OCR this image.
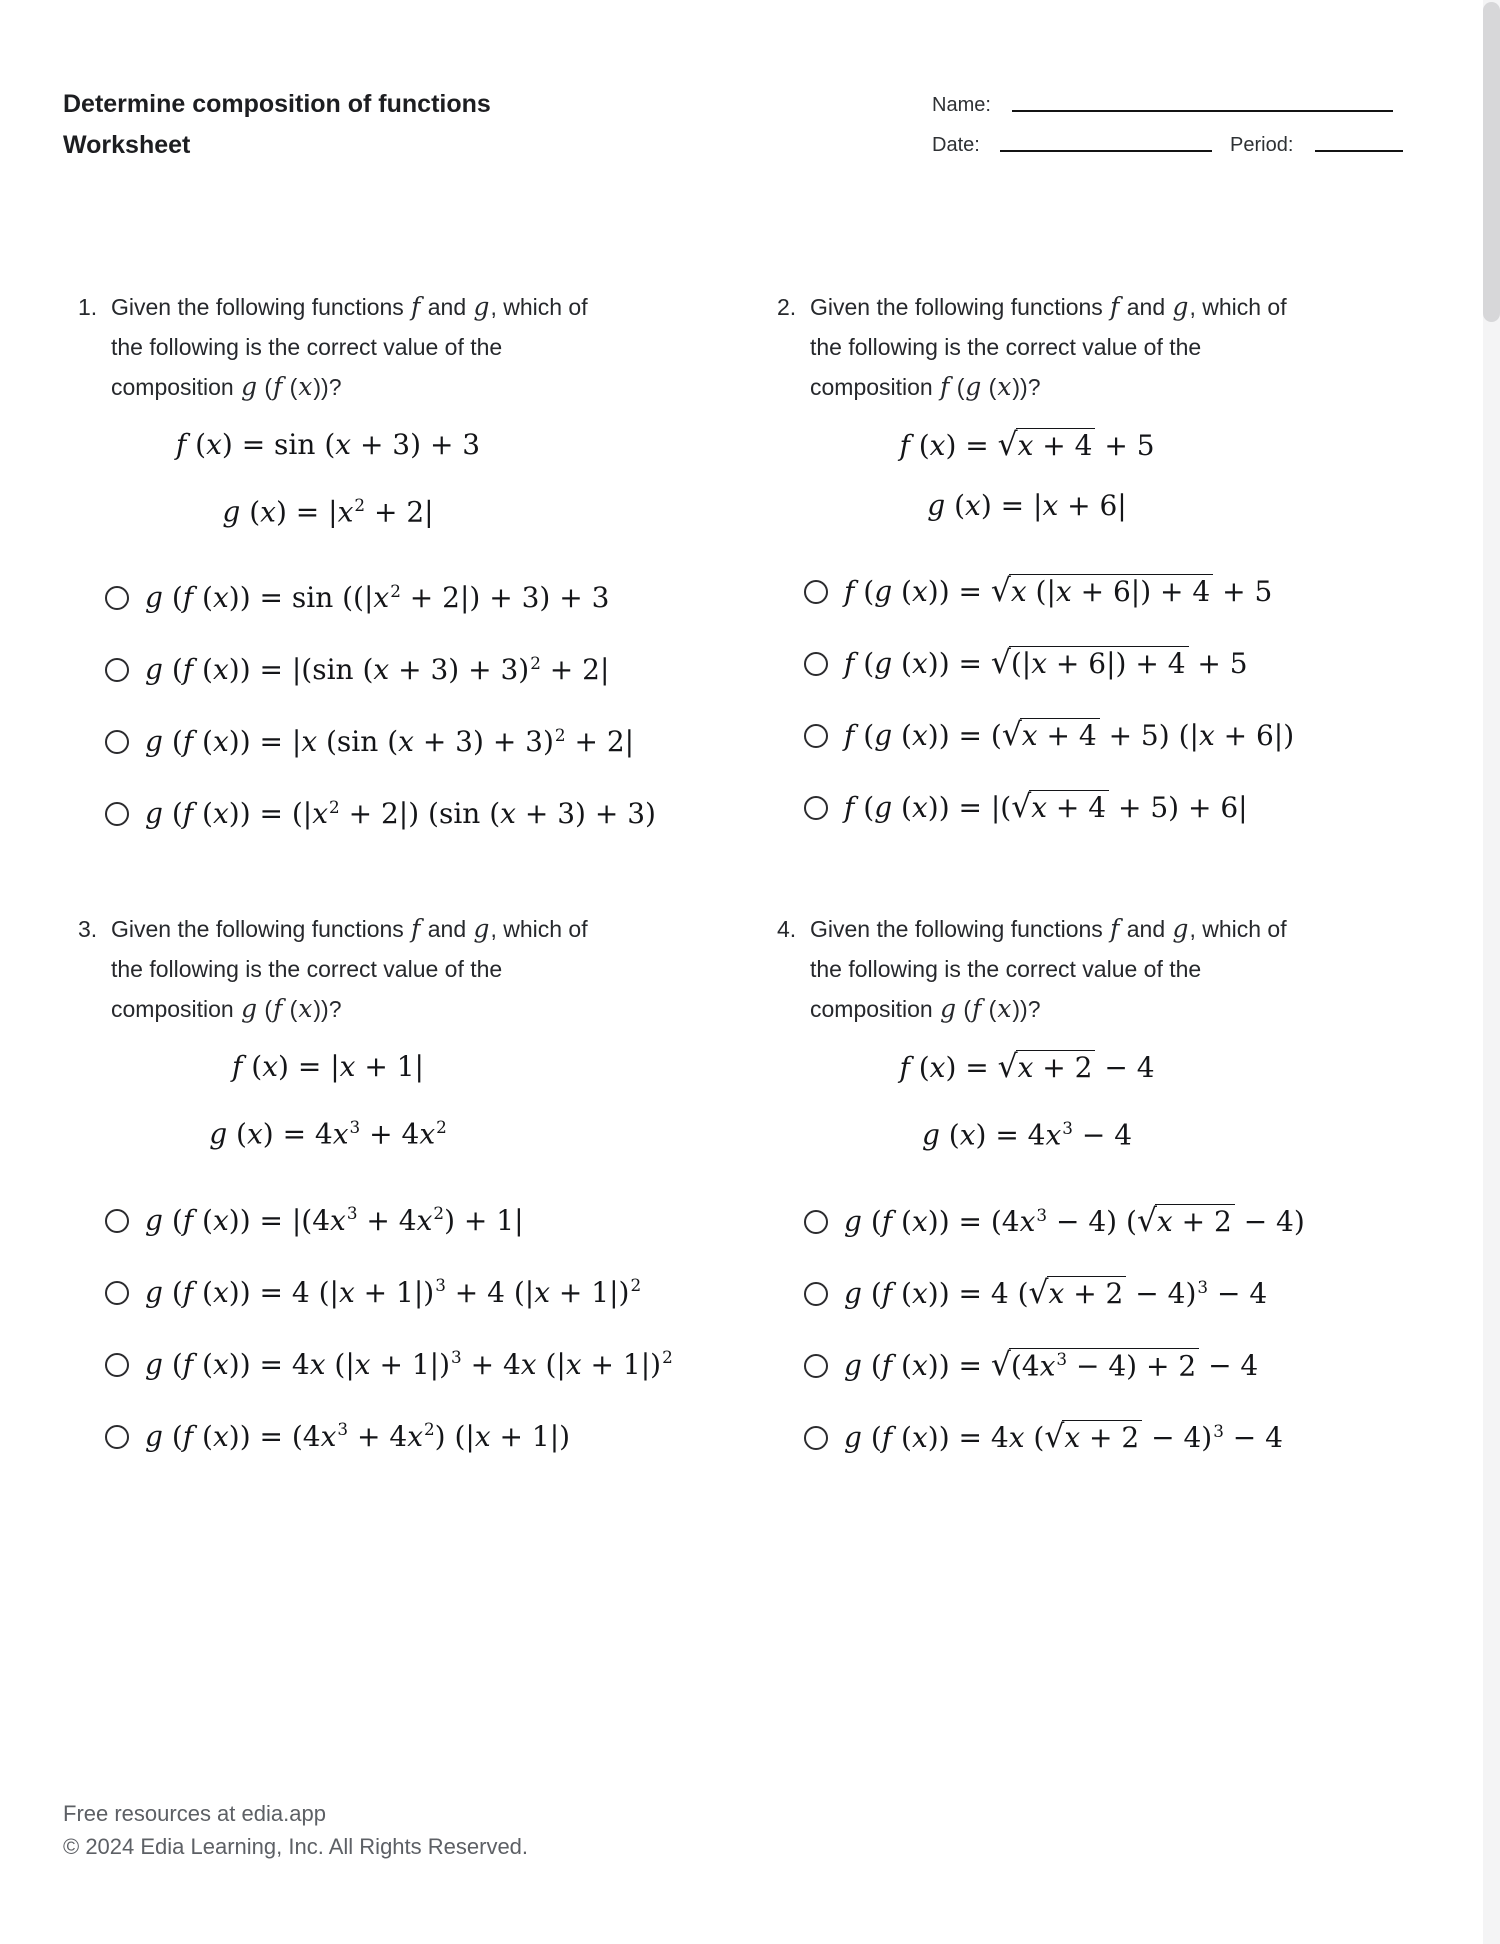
Determine composition of functions
Worksheet
Name:
Date:	Period:
1. Given the following functions f and g, which of
the following is the correct value of the
composition g (f (x))?
f (x) = sin (x + 3) + 3
g $(x) = |x^2 + 2|$
g (f $(x)) = \sin ((|x^2 + 2|) + 3) + 3$
g (f (x)) = |(sin (x + 3) + 3)$^2$ + 2|
g (f (x)) = |x (sin (x + 3) + 3)$^2$ + 2|
g (f $(x)) = (|x^2 + 2|)$ (sin (x + 3) + 3)
2. Given the following functions f and g, which of
the following is the correct value of the
composition f (g (x))?
f (x) = √x + 4 + 5
g (x) = |x + 6|
f (g (x)) = √x (|x + 6|) + 4 + 5
f (g (x)) = √(|x + 6|) + 4 + 5
f (g (x)) = (√x + 4 + 5) (|x + 6|)
f (g (x)) = |(√x + 4 + 5) + 6|
3. Given the following functions f and g, which of
the following is the correct value of the
composition g (f (x))?
f (x) = |x + 1|
g $(x) = 4x^3 + 4x^2$
g (f $(x)) = |(4x^3 + 4x^2) + 1|$
g (f (x)) = 4 $(|x + 1|)^3 + 4$ $(|x + 1|)^2$
g (f (x)) = 4x $(|x + 1|)^3 + 4x$ $(|x + 1|)^2$
g (f $(x)) = (4x^3 + 4x^2) (|x + 1|)$
4. Given the following functions f and g, which of
the following is the correct value of the
composition g (f (x))?
f (x) = √x + 2 − 4
g $(x) = 4x^3 - 4$
g (f $(x)) = (4x^3 - 4) (√x + 2 - 4)$
g (f (x)) = 4 $(√x + 2 - 4)^3 - 4$
g (f $(x)) = √(4x^3 - 4) + 2 - 4$
g (f (x)) = 4x $(√x + 2 - 4)^3 - 4$
Free resources at edia.app
© 2024 Edia Learning, Inc. All Rights Reserved.
